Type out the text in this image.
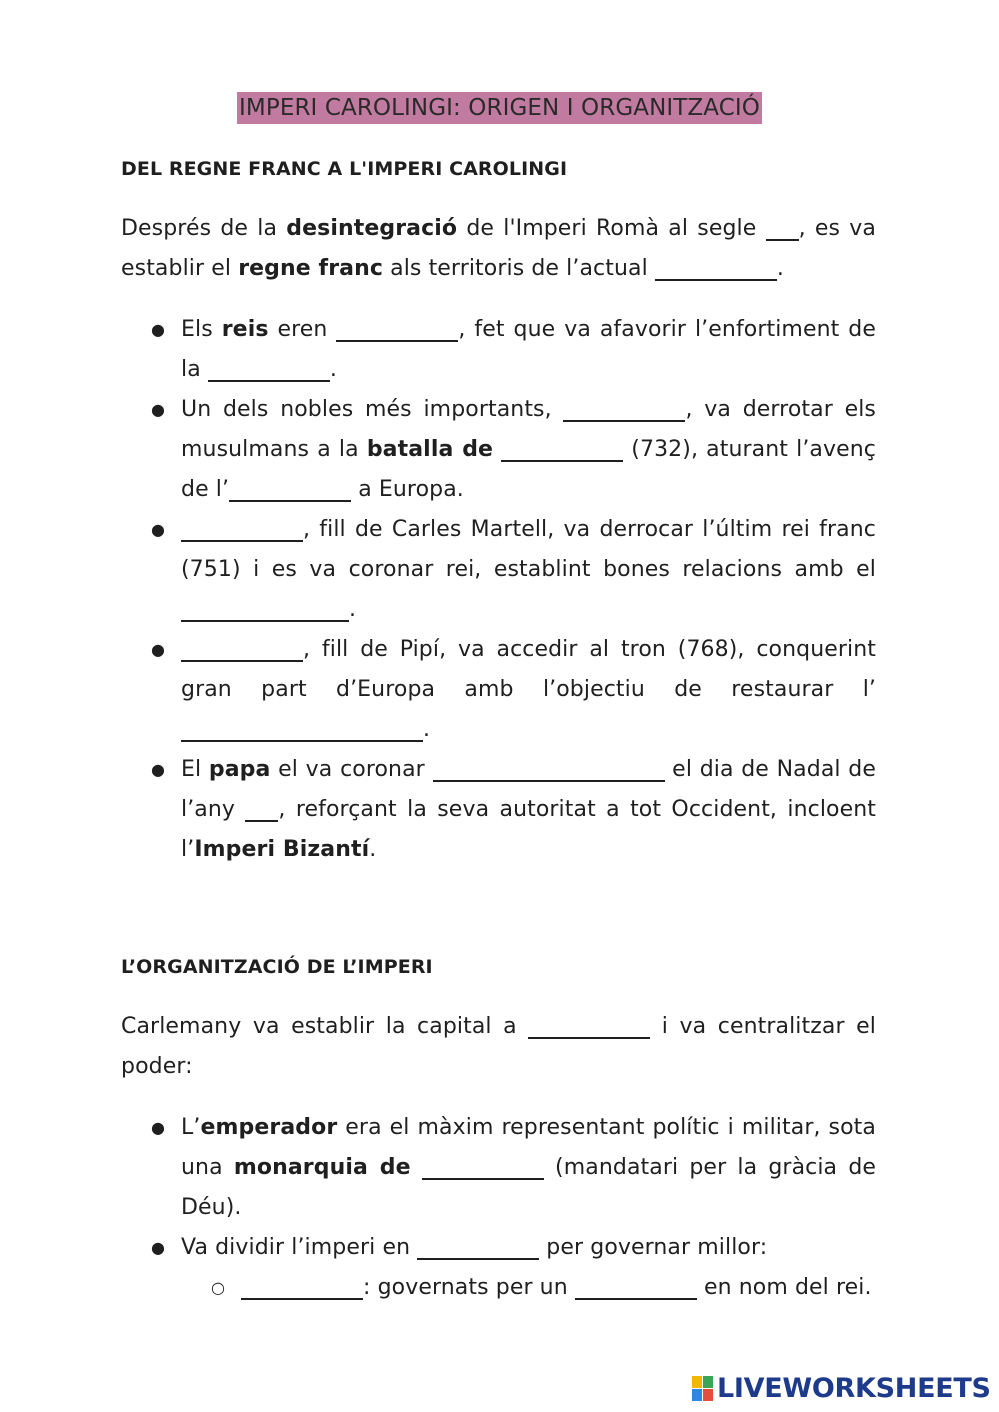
IMPERI CAROLINGI: ORIGEN I ORGANITZACIÓ
DEL REGNE FRANC A L'IMPERI CAROLINGI

Després de la desintegració de l'Imperi Romà al segle , es va establir el regne franc als territoris de l’actual	.

● Els reis eren	, fet que va afavorir l’enfortiment de la	.
● Un dels nobles més importants,	, va derrotar els musulmans a la batalla de	(732), aturant l’avenç de l’	a Europa.
●	, fill de Carles Martell, va derrocar l’últim rei franc (751) i es va coronar rei, establint bones relacions amb el .
●	, fill de Pipí, va accedir al tron (768), conquerint gran part d’Europa amb l’objectiu de restaurar l’.
● El papa el va coronar	el dia de Nadal de l’any , reforçant la seva autoritat a tot Occident, incloent l’Imperi Bizantí.
L’ORGANITZACIÓ DE L’IMPERI

Carlemany va establir la capital a	i va centralitzar el poder:

● L’emperador era el màxim representant polític i militar, sota una monarquia de	(mandatari per la gràcia de Déu).
● Va dividir l’imperi en	per governar millor:
○	: governats per un	en nom del rei.
LIVEWORKSHEETS
